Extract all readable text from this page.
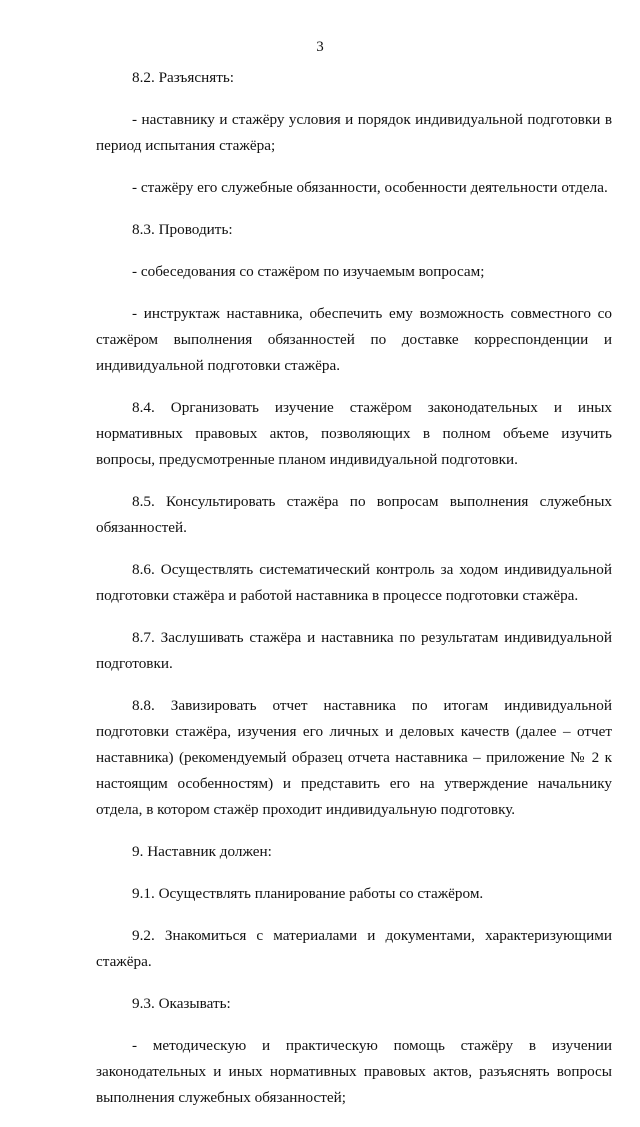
3

8.2. Разъяснять:

- наставнику и стажёру условия и порядок индивидуальной подготовки в период испытания стажёра;

- стажёру его служебные обязанности, особенности деятельности отдела.

8.3. Проводить:

- собеседования со стажёром по изучаемым вопросам;

- инструктаж наставника, обеспечить ему возможность совместного со стажёром выполнения обязанностей по доставке корреспонденции и индивидуальной подготовки стажёра.

8.4. Организовать изучение стажёром законодательных и иных нормативных правовых актов, позволяющих в полном объеме изучить вопросы, предусмотренные планом индивидуальной подготовки.

8.5. Консультировать стажёра по вопросам выполнения служебных обязанностей.

8.6. Осуществлять систематический контроль за ходом индивидуальной подготовки стажёра и работой наставника в процессе подготовки стажёра.

8.7. Заслушивать стажёра и наставника по результатам индивидуальной подготовки.

8.8. Завизировать отчет наставника по итогам индивидуальной подготовки стажёра, изучения его личных и деловых качеств (далее – отчет наставника) (рекомендуемый образец отчета наставника – приложение № 2 к настоящим особенностям) и представить его на утверждение начальнику отдела, в котором стажёр проходит индивидуальную подготовку.

9. Наставник должен:

9.1. Осуществлять планирование работы со стажёром.

9.2. Знакомиться с материалами и документами, характеризующими стажёра.

9.3. Оказывать:

- методическую и практическую помощь стажёру в изучении законодательных и иных нормативных правовых актов, разъяснять вопросы выполнения служебных обязанностей;
